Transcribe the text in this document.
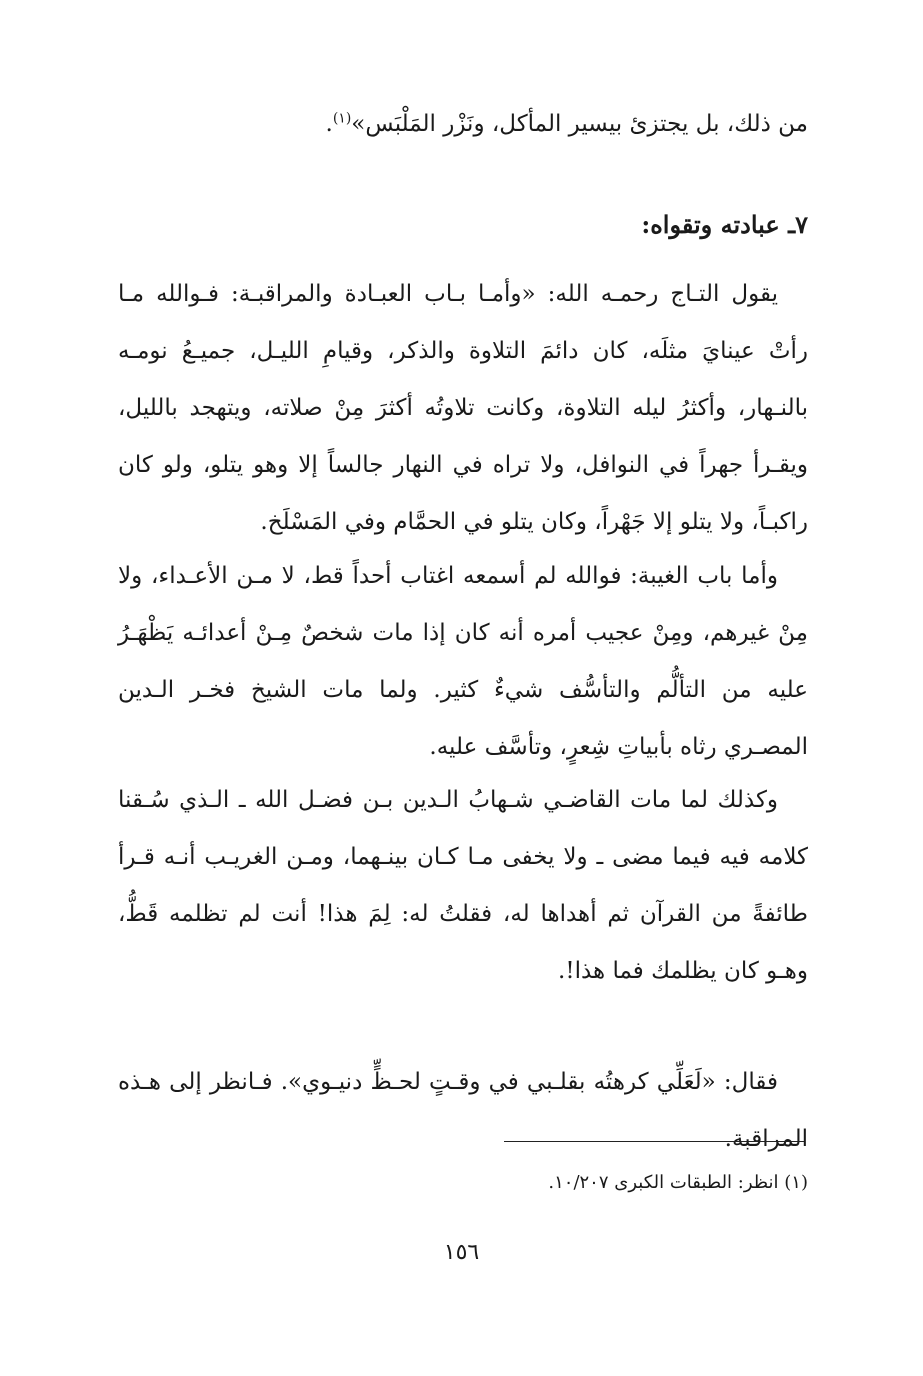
من ذلك، بل يجتزئ بيسير المأكل، ونَزْر المَلْبَس»$^{(١)}$.
٧ـ عبادته وتقواه:
يقول التـاج رحمـه الله: «وأمـا بـاب العبـادة والمراقبـة: فـوالله مـا رأتْ عينايَ مثلَه، كان دائمَ التلاوة والذكر، وقيامِ الليـل، جميـعُ نومـه بالنـهار، وأكثرُ ليله التلاوة، وكانت تلاوتُه أكثرَ مِنْ صلاته، ويتهجد بالليل، ويقـرأ جهراً في النوافل، ولا تراه في النهار جالساً إلا وهو يتلو، ولو كان راكبـاً، ولا يتلو إلا جَهْراً، وكان يتلو في الحمَّام وفي المَسْلَخ.
وأما باب الغيبة: فوالله لم أسمعه اغتاب أحداً قط، لا مـن الأعـداء، ولا مِنْ غيرهم، ومِنْ عجيب أمره أنه كان إذا مات شخصٌ مِـنْ أعدائـه يَظْهَـرُ عليه من التألُّم والتأسُّف شيءٌ كثير. ولما مات الشيخ فخـر الـدين المصـري رثاه بأبياتِ شِعرٍ، وتأسَّف عليه.
وكذلك لما مات القاضـي شـهابُ الـدين بـن فضـل الله ـ الـذي سُـقنا كلامه فيه فيما مضى ـ ولا يخفى مـا كـان بينـهما، ومـن الغريـب أنـه قـرأ طائفةً من القرآن ثم أهداها له، فقلتُ له: لِمَ هذا! أنت لم تظلمه قَطُّ، وهـو كان يظلمك فما هذا!.
فقال: «لَعَلِّي كرهتُه بقلـبي في وقـتٍ لحـظٍّ دنيـوي». فـانظر إلى هـذه المراقبة.
(١) انظر: الطبقات الكبرى ١٠/٢٠٧.
١٥٦
